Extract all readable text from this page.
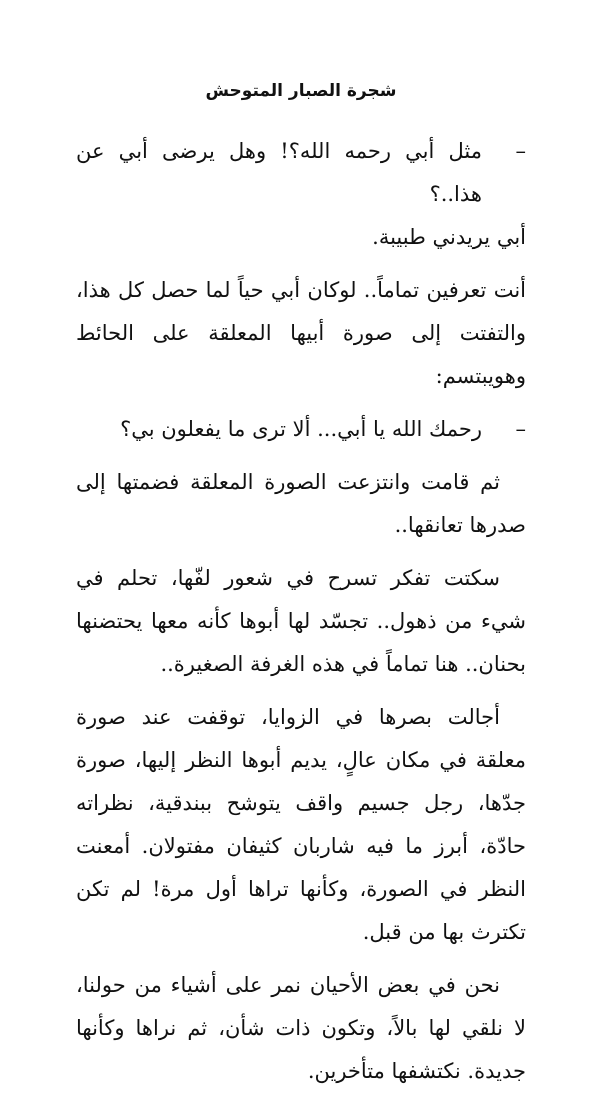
شجرة الصبار المتوحش

–
مثل أبي رحمه الله؟! وهل يرضى أبي عن هذا..؟

أبي يريدني طبيبة.

أنت تعرفين تماماً.. لوكان أبي حياً لما حصل كل هذا، والتفتت إلى صورة أبيها المعلقة على الحائط وهويبتسم:

–
رحمك الله يا أبي... ألا ترى ما يفعلون بي؟

ثم قامت وانتزعت الصورة المعلقة فضمتها إلى صدرها تعانقها..

سكتت تفكر تسرح في شعور لفّها، تحلم في شيء من ذهول.. تجسّد لها أبوها كأنه معها يحتضنها بحنان.. هنا تماماً في هذه الغرفة الصغيرة..

أجالت بصرها في الزوايا، توقفت عند صورة معلقة في مكان عالٍ، يديم أبوها النظر إليها، صورة جدّها، رجل جسيم واقف يتوشح ببندقية، نظراته حادّة، أبرز ما فيه شاربان كثيفان مفتولان. أمعنت النظر في الصورة، وكأنها تراها أول مرة! لم تكن تكترث بها من قبل.

نحن في بعض الأحيان نمر على أشياء من حولنا، لا نلقي لها بالاً، وتكون ذات شأن، ثم نراها وكأنها جديدة. نكتشفها متأخرين.
